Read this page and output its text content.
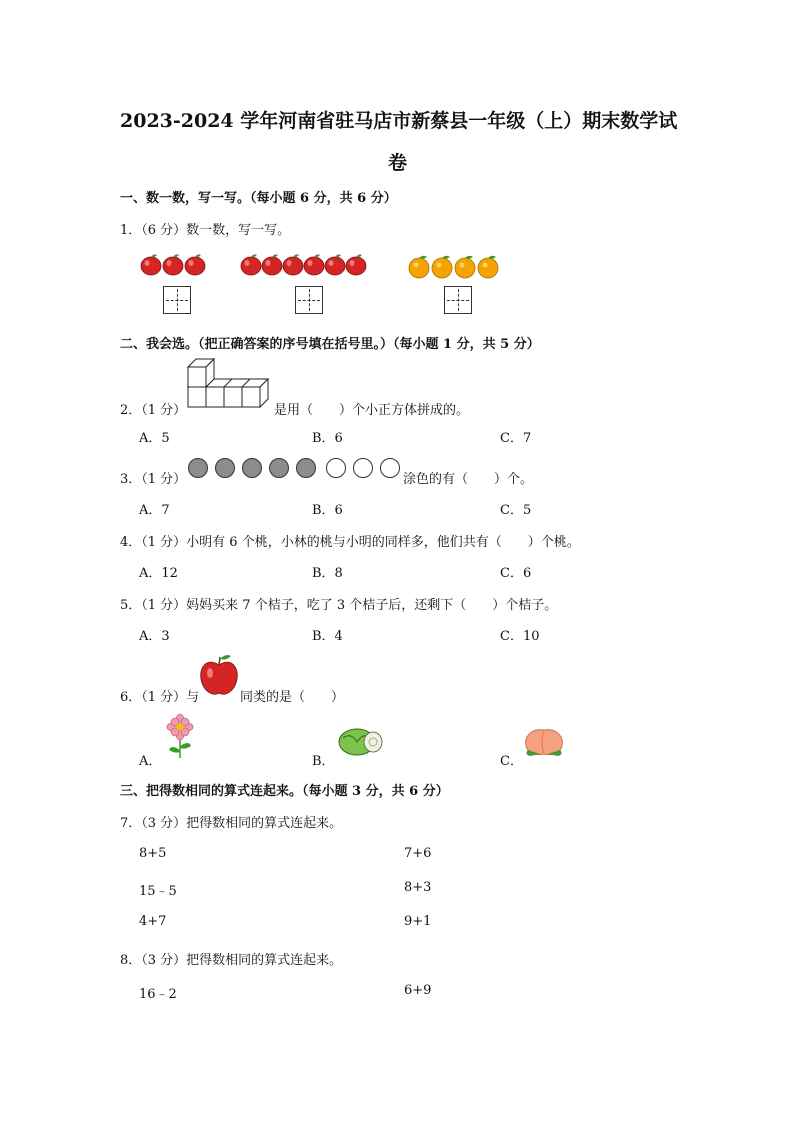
2023-2024 学年河南省驻马店市新蔡县一年级（上）期末数学试
卷
一、数一数，写一写。（每小题 6 分，共 6 分）
1．（6 分）数一数，写一写。
二、我会选。（把正确答案的序号填在括号里。）（每小题 1 分，共 5 分）
2．（1 分）	是用（　　）个小正方体拼成的。
A．5	B．6	C．7
3．（1 分）	涂色的有（　　）个。
A．7	B．6	C．5
4．（1 分）小明有 6 个桃，小林的桃与小明的同样多，他们共有（　　）个桃。
A．12	B．8	C．6
5．（1 分）妈妈买来 7 个桔子，吃了 3 个桔子后，还剩下（　　）个桔子。
A．3	B．4	C．10
6．（1 分）与	同类的是（　　）
A．	B．	C．
三、把得数相同的算式连起来。（每小题 3 分，共 6 分）
7．（3 分）把得数相同的算式连起来。
8+5	7+6
15﹣5	8+3
4+7	9+1
8．（3 分）把得数相同的算式连起来。
16﹣2	6+9
